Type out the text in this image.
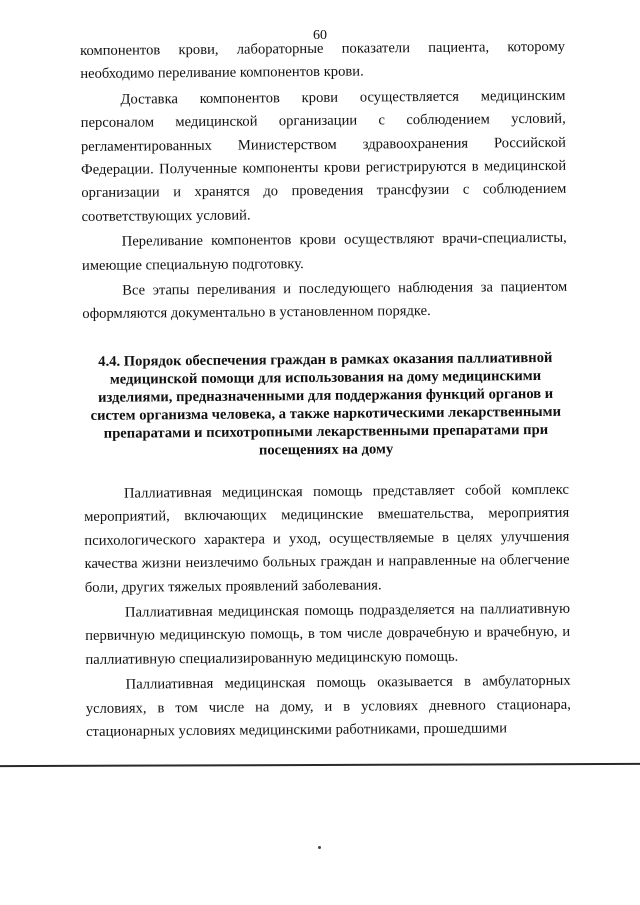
60

компонентов крови, лабораторные показатели пациента, которому необходимо переливание компонентов крови.

Доставка компонентов крови осуществляется медицинским персоналом медицинской организации с соблюдением условий, регламентированных Министерством здравоохранения Российской Федерации. Полученные компоненты крови регистрируются в медицинской организации и хранятся до проведения трансфузии с соблюдением соответствующих условий.

Переливание компонентов крови осуществляют врачи-специалисты, имеющие специальную подготовку.

Все этапы переливания и последующего наблюдения за пациентом оформляются документально в установленном порядке.

4.4. Порядок обеспечения граждан в рамках оказания паллиативной медицинской помощи для использования на дому медицинскими изделиями, предназначенными для поддержания функций органов и систем организма человека, а также наркотическими лекарственными препаратами и психотропными лекарственными препаратами при посещениях на дому

Паллиативная медицинская помощь представляет собой комплекс мероприятий, включающих медицинские вмешательства, мероприятия психологического характера и уход, осуществляемые в целях улучшения качества жизни неизлечимо больных граждан и направленные на облегчение боли, других тяжелых проявлений заболевания.

Паллиативная медицинская помощь подразделяется на паллиативную первичную медицинскую помощь, в том числе доврачебную и врачебную, и паллиативную специализированную медицинскую помощь.

Паллиативная медицинская помощь оказывается в амбулаторных условиях, в том числе на дому, и в условиях дневного стационара, стационарных условиях медицинскими работниками, прошедшими
